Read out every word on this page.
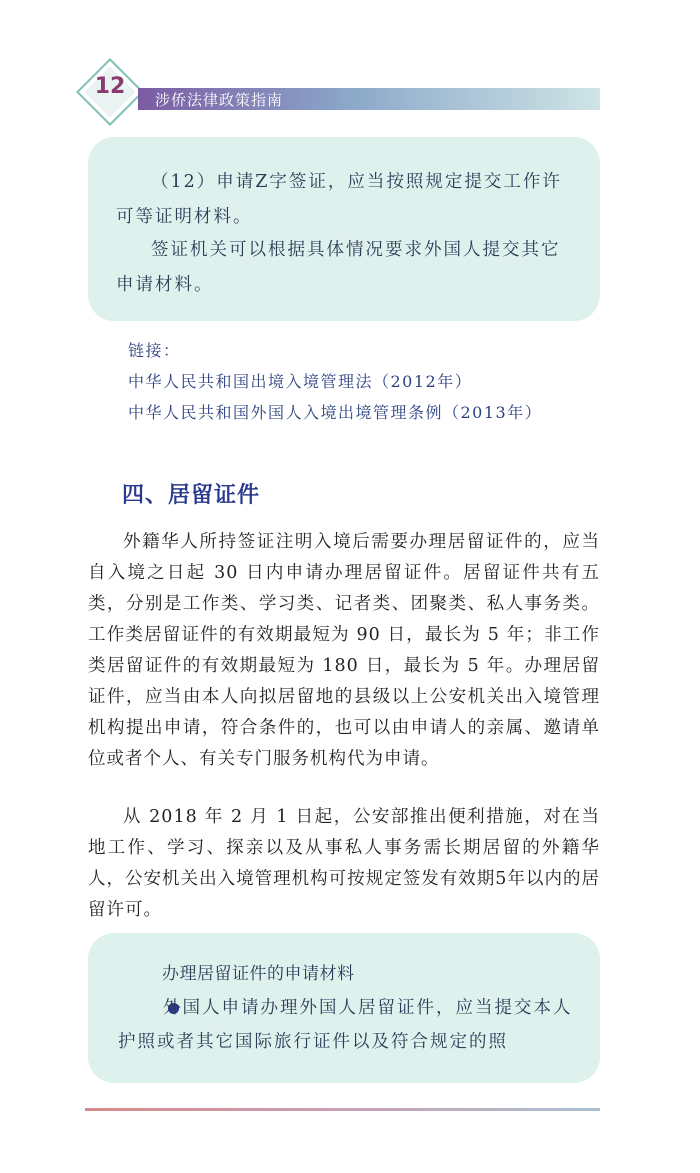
12
涉侨法律政策指南
（12）申请Z字签证，应当按照规定提交工作许可等证明材料。
签证机关可以根据具体情况要求外国人提交其它申请材料。
链接：
中华人民共和国出境入境管理法（2012年）
中华人民共和国外国人入境出境管理条例（2013年）
四、居留证件
外籍华人所持签证注明入境后需要办理居留证件的，应当自入境之日起 30 日内申请办理居留证件。居留证件共有五类，分别是工作类、学习类、记者类、团聚类、私人事务类。工作类居留证件的有效期最短为 90 日，最长为 5 年；非工作类居留证件的有效期最短为 180 日，最长为 5 年。办理居留证件，应当由本人向拟居留地的县级以上公安机关出入境管理机构提出申请，符合条件的，也可以由申请人的亲属、邀请单位或者个人、有关专门服务机构代为申请。
从 2018 年 2 月 1 日起，公安部推出便利措施，对在当地工作、学习、探亲以及从事私人事务需长期居留的外籍华人，公安机关出入境管理机构可按规定签发有效期5年以内的居留许可。
办理居留证件的申请材料
外国人申请办理外国人居留证件，应当提交本人护照或者其它国际旅行证件以及符合规定的照
